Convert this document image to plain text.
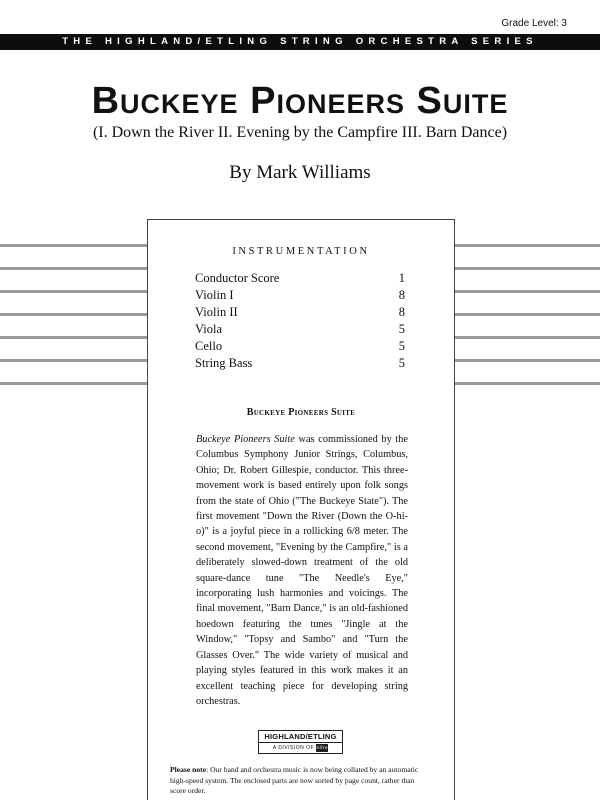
Grade Level: 3
THE HIGHLAND/ETLING STRING ORCHESTRA SERIES
Buckeye Pioneers Suite
(I. Down the River II. Evening by the Campfire III. Barn Dance)
By Mark Williams
INSTRUMENTATION
Conductor Score	1
Violin I	8
Violin II	8
Viola	5
Cello	5
String Bass	5
Buckeye Pioneers Suite
Buckeye Pioneers Suite was commissioned by the Columbus Symphony Junior Strings, Columbus, Ohio; Dr. Robert Gillespie, conductor. This three-movement work is based entirely upon folk songs from the state of Ohio ("The Buckeye State"). The first movement "Down the River (Down the O-hi-o)" is a joyful piece in a rollicking 6/8 meter. The second movement, "Evening by the Campfire," is a deliberately slowed-down treatment of the old square-dance tune "The Needle's Eye," incorporating lush harmonies and voicings. The final movement, "Barn Dance," is an old-fashioned hoedown featuring the tunes "Jingle at the Window," "Topsy and Sambo" and "Turn the Glasses Over." The wide variety of musical and playing styles featured in this work makes it an excellent teaching piece for developing string orchestras.
HIGHLAND/ETLING
A DIVISION OF Alfred
Please note: Our band and orchestra music is now being collated by an automatic high-speed system. The enclosed parts are now sorted by page count, rather than score order.
